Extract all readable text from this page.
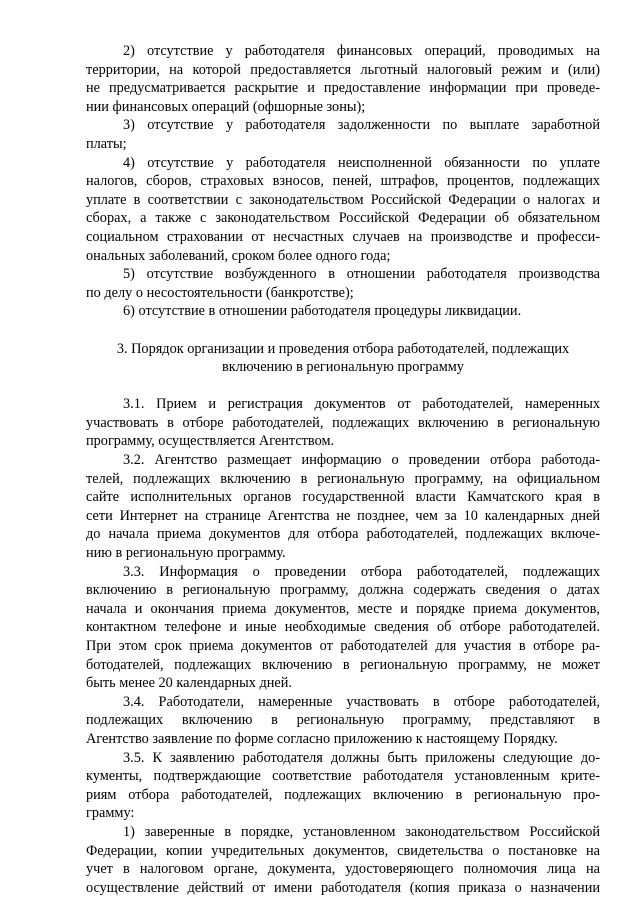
2) отсутствие у работодателя финансовых операций, проводимых на
территории, на которой предоставляется льготный налоговый режим и (или)
не предусматривается раскрытие и предоставление информации при проведе-
нии финансовых операций (офшорные зоны);
3) отсутствие у работодателя задолженности по выплате заработной
платы;
4) отсутствие у работодателя неисполненной обязанности по уплате
налогов, сборов, страховых взносов, пеней, штрафов, процентов, подлежащих
уплате в соответствии с законодательством Российской Федерации о налогах и
сборах, а также с законодательством Российской Федерации об обязательном
социальном страховании от несчастных случаев на производстве и професси-
ональных заболеваний, сроком более одного года;
5) отсутствие возбужденного в отношении работодателя производства
по делу о несостоятельности (банкротстве);
6) отсутствие в отношении работодателя процедуры ликвидации.
3. Порядок организации и проведения отбора работодателей, подлежащих
включению в региональную программу
3.1. Прием и регистрация документов от работодателей, намеренных
участвовать в отборе работодателей, подлежащих включению в региональную
программу, осуществляется Агентством.
3.2. Агентство размещает информацию о проведении отбора работода-
телей, подлежащих включению в региональную программу, на официальном
сайте исполнительных органов государственной власти Камчатского края в
сети Интернет на странице Агентства не позднее, чем за 10 календарных дней
до начала приема документов для отбора работодателей, подлежащих включе-
нию в региональную программу.
3.3. Информация о проведении отбора работодателей, подлежащих
включению в региональную программу, должна содержать сведения о датах
начала и окончания приема документов, месте и порядке приема документов,
контактном телефоне и иные необходимые сведения об отборе работодателей.
При этом срок приема документов от работодателей для участия в отборе ра-
ботодателей, подлежащих включению в региональную программу, не может
быть менее 20 календарных дней.
3.4. Работодатели, намеренные участвовать в отборе работодателей,
подлежащих включению в региональную программу, представляют в
Агентство заявление по форме согласно приложению к настоящему Порядку.
3.5. К заявлению работодателя должны быть приложены следующие до-
кументы, подтверждающие соответствие работодателя установленным крите-
риям отбора работодателей, подлежащих включению в региональную про-
грамму:
1) заверенные в порядке, установленном законодательством Российской
Федерации, копии учредительных документов, свидетельства о постановке на
учет в налоговом органе, документа, удостоверяющего полномочия лица на
осуществление действий от имени работодателя (копия приказа о назначении
